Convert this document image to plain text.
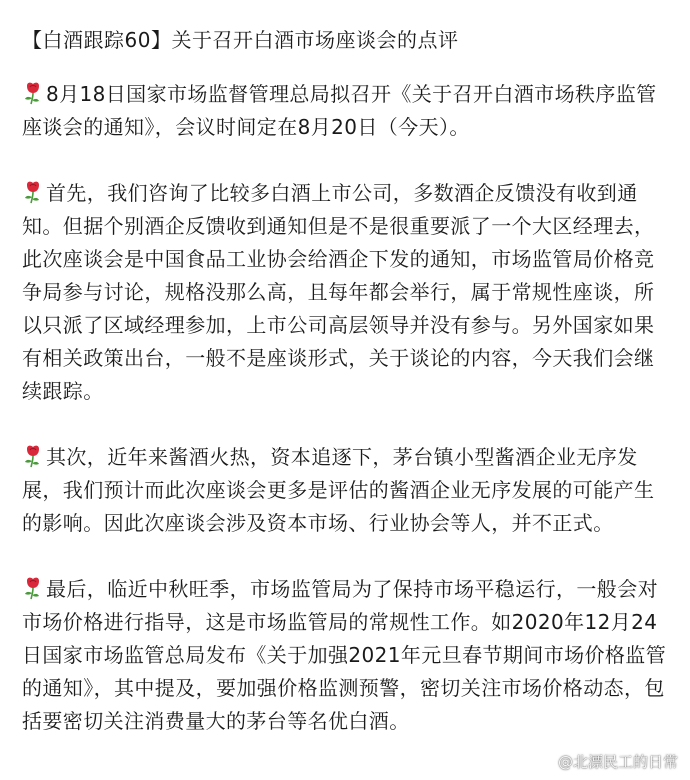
【白酒跟踪60】关于召开白酒市场座谈会的点评
8月18日国家市场监督管理总局拟召开《关于召开白酒市场秩序监管座谈会的通知》，会议时间定在8月20日（今天）。
首先，我们咨询了比较多白酒上市公司，多数酒企反馈没有收到通知。但据个别酒企反馈收到通知但是不是很重要派了一个大区经理去，此次座谈会是中国食品工业协会给酒企下发的通知，市场监管局价格竞争局参与讨论，规格没那么高，且每年都会举行，属于常规性座谈，所以只派了区域经理参加，上市公司高层领导并没有参与。另外国家如果有相关政策出台，一般不是座谈形式，关于谈论的内容，今天我们会继续跟踪。
其次，近年来酱酒火热，资本追逐下，茅台镇小型酱酒企业无序发展，我们预计而此次座谈会更多是评估的酱酒企业无序发展的可能产生的影响。因此次座谈会涉及资本市场、行业协会等人，并不正式。
最后，临近中秋旺季，市场监管局为了保持市场平稳运行，一般会对市场价格进行指导，这是市场监管局的常规性工作。如2020年12月24日国家市场监管总局发布《关于加强2021年元旦春节期间市场价格监管的通知》，其中提及，要加强价格监测预警，密切关注市场价格动态，包括要密切关注消费量大的茅台等名优白酒。
@北漂民工的日常
